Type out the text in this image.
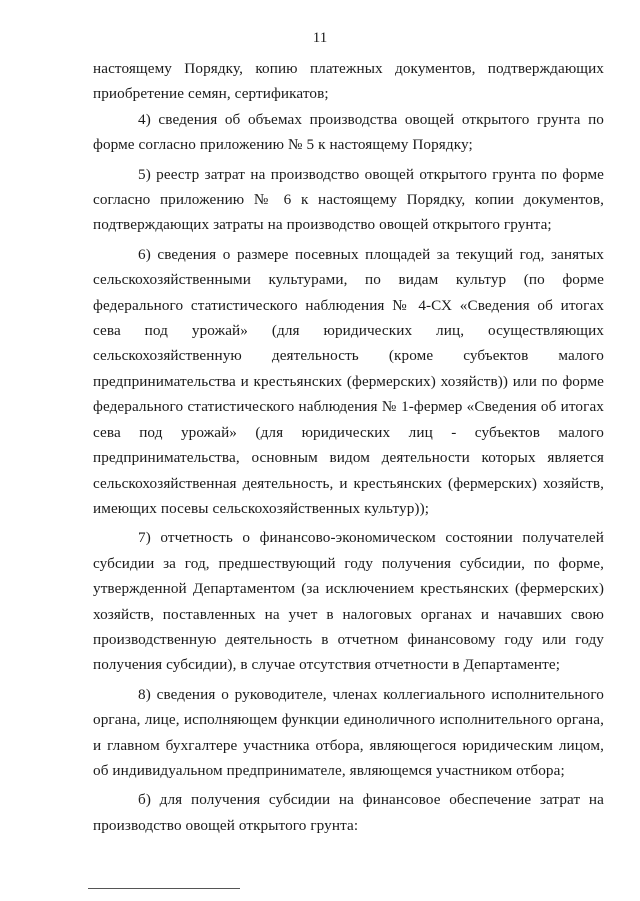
11

настоящему Порядку, копию платежных документов, подтверждающих приобретение семян, сертификатов;

4) сведения об объемах производства овощей открытого грунта по форме согласно приложению № 5 к настоящему Порядку;

5) реестр затрат на производство овощей открытого грунта по форме согласно приложению № 6 к настоящему Порядку, копии документов, подтверждающих затраты на производство овощей открытого грунта;

6) сведения о размере посевных площадей за текущий год, занятых сельскохозяйственными культурами, по видам культур (по форме федерального статистического наблюдения № 4-СХ «Сведения об итогах сева под урожай» (для юридических лиц, осуществляющих сельскохозяйственную деятельность (кроме субъектов малого предпринимательства и крестьянских (фермерских) хозяйств)) или по форме федерального статистического наблюдения № 1-фермер «Сведения об итогах сева под урожай» (для юридических лиц - субъектов малого предпринимательства, основным видом деятельности которых является сельскохозяйственная деятельность, и крестьянских (фермерских) хозяйств, имеющих посевы сельскохозяйственных культур));

7) отчетность о финансово-экономическом состоянии получателей субсидии за год, предшествующий году получения субсидии, по форме, утвержденной Департаментом (за исключением крестьянских (фермерских) хозяйств, поставленных на учет в налоговых органах и начавших свою производственную деятельность в отчетном финансовому году или году получения субсидии), в случае отсутствия отчетности в Департаменте;

8) сведения о руководителе, членах коллегиального исполнительного органа, лице, исполняющем функции единоличного исполнительного органа, и главном бухгалтере участника отбора, являющегося юридическим лицом, об индивидуальном предпринимателе, являющемся участником отбора;

б) для получения субсидии на финансовое обеспечение затрат на производство овощей открытого грунта:
